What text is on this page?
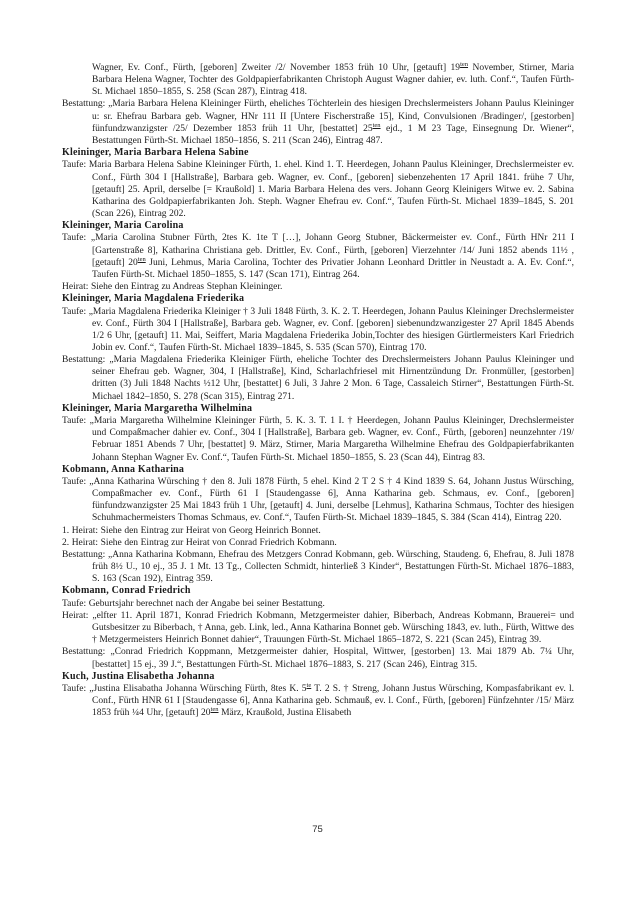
Wagner, Ev. Conf., Fürth, [geboren] Zweiter /2/ November 1853 früh 10 Uhr, [getauft] $19^{ten}$ November, Stirner, Maria Barbara Helena Wagner, Tochter des Goldpapierfabrikanten Christoph August Wagner dahier, ev. luth. Conf.“, Taufen Fürth-St. Michael 1850–1855, S. 258 (Scan 287), Eintrag 418.

Bestattung: „Maria Barbara Helena Kleininger Fürth, eheliches Töchterlein des hiesigen Drechslermeisters Johann Paulus Kleininger u: sr. Ehefrau Barbara geb. Wagner, HNr 111 II [Untere Fischerstraße 15], Kind, Convulsionen /Bradinger/, [gestorben] fünfundzwanzigster /25/ Dezember 1853 früh 11 Uhr, [bestattet] $25^{ten}$ ejd., 1 M 23 Tage, Einsegnung Dr. Wiener“, Bestattungen Fürth-St. Michael 1850–1856, S. 211 (Scan 246), Eintrag 487.

Kleininger, Maria Barbara Helena Sabine

Taufe: Maria Barbara Helena Sabine Kleininger Fürth, 1. ehel. Kind 1. T. Heerdegen, Johann Paulus Kleininger, Drechslermeister ev. Conf., Fürth 304 I [Hallstraße], Barbara geb. Wagner, ev. Conf., [geboren] siebenzehenten 17 April 1841. frühe 7 Uhr, [getauft] 25. April, derselbe [= Kraußold] 1. Maria Barbara Helena des vers. Johann Georg Kleinigers Witwe ev. 2. Sabina Katharina des Goldpapierfabrikanten Joh. Steph. Wagner Ehefrau ev. Conf.“, Taufen Fürth-St. Michael 1839–1845, S. 201 (Scan 226), Eintrag 202.

Kleininger, Maria Carolina

Taufe: „Maria Carolina Stubner Fürth, 2tes K. 1te T […], Johann Georg Stubner, Bäckermeister ev. Conf., Fürth HNr 211 I [Gartenstraße 8], Katharina Christiana geb. Drittler, Ev. Conf., Fürth, [geboren] Vierzehnter /14/ Juni 1852 abends 11½ , [getauft] $20^{ten}$ Juni, Lehmus, Maria Carolina, Tochter des Privatier Johann Leonhard Drittler in Neustadt a. A. Ev. Conf.“, Taufen Fürth-St. Michael 1850–1855, S. 147 (Scan 171), Eintrag 264.

Heirat: Siehe den Eintrag zu Andreas Stephan Kleininger.

Kleininger, Maria Magdalena Friederika

Taufe: „Maria Magdalena Friederika Kleiniger † 3 Juli 1848 Fürth, 3. K. 2. T. Heerdegen, Johann Paulus Kleininger Drechslermeister ev. Conf., Fürth 304 I [Hallstraße], Barbara geb. Wagner, ev. Conf. [geboren] siebenundzwanzigester 27 April 1845 Abends 1/2 6 Uhr, [getauft] 11. Mai, Seiffert, Maria Magdalena Friederika Jobin,Tochter des hiesigen Gürtlermeisters Karl Friedrich Jobin ev. Conf.“, Taufen Fürth-St. Michael 1839–1845, S. 535 (Scan 570), Eintrag 170.

Bestattung: „Maria Magdalena Friederika Kleiniger Fürth, eheliche Tochter des Drechslermeisters Johann Paulus Kleininger und seiner Ehefrau geb. Wagner, 304, I [Hallstraße], Kind, Scharlachfriesel mit Hirnentzündung Dr. Fronmüller, [gestorben] dritten (3) Juli 1848 Nachts ½12 Uhr, [bestattet] 6 Juli, 3 Jahre 2 Mon. 6 Tage, Cassaleich Stirner“, Bestattungen Fürth-St. Michael 1842–1850, S. 278 (Scan 315), Eintrag 271.

Kleininger, Maria Margaretha Wilhelmina

Taufe: „Maria Margaretha Wilhelmine Kleininger Fürth, 5. K. 3. T. 1 I. † Heerdegen, Johann Paulus Kleininger, Drechslermeister und Compaßmacher dahier ev. Conf., 304 I [Hallstraße], Barbara geb. Wagner, ev. Conf., Fürth, [geboren] neunzehnter /19/ Februar 1851 Abends 7 Uhr, [bestattet] 9. März, Stirner, Maria Margaretha Wilhelmine Ehefrau des Goldpapierfabrikanten Johann Stephan Wagner Ev. Conf.“, Taufen Fürth-St. Michael 1850–1855, S. 23 (Scan 44), Eintrag 83.

Kobmann, Anna Katharina

Taufe: „Anna Katharina Würsching † den 8. Juli 1878 Fürth, 5 ehel. Kind 2 T 2 S † 4 Kind 1839 S. 64, Johann Justus Würsching, Compaßmacher ev. Conf., Fürth 61 I [Staudengasse 6], Anna Katharina geb. Schmaus, ev. Conf., [geboren] fünfundzwanzigster 25 Mai 1843 früh 1 Uhr, [getauft] 4. Juni, derselbe [Lehmus], Katharina Schmaus, Tochter des hiesigen Schuhmachermeisters Thomas Schmaus, ev. Conf.“, Taufen Fürth-St. Michael 1839–1845, S. 384 (Scan 414), Eintrag 220.

1. Heirat: Siehe den Eintrag zur Heirat von Georg Heinrich Bonnet.

2. Heirat: Siehe den Eintrag zur Heirat von Conrad Friedrich Kobmann.

Bestattung: „Anna Katharina Kobmann, Ehefrau des Metzgers Conrad Kobmann, geb. Würsching, Staudeng. 6, Ehefrau, 8. Juli 1878 früh 8½ U., 10 ej., 35 J. 1 Mt. 13 Tg., Collecten Schmidt, hinterließ 3 Kinder“, Bestattungen Fürth-St. Michael 1876–1883, S. 163 (Scan 192), Eintrag 359.

Kobmann, Conrad Friedrich

Taufe: Geburtsjahr berechnet nach der Angabe bei seiner Bestattung.

Heirat: „elfter 11. April 1871, Konrad Friedrich Kobmann, Metzgermeister dahier, Biberbach, Andreas Kobmann, Brauerei= und Gutsbesitzer zu Biberbach, † Anna, geb. Link, led., Anna Katharina Bonnet geb. Würsching 1843, ev. luth., Fürth, Wittwe des † Metzgermeisters Heinrich Bonnet dahier“, Trauungen Fürth-St. Michael 1865–1872, S. 221 (Scan 245), Eintrag 39.

Bestattung: „Conrad Friedrich Koppmann, Metzgermeister dahier, Hospital, Wittwer, [gestorben] 13. Mai 1879 Ab. 7¼ Uhr, [bestattet] 15 ej., 39 J.“, Bestattungen Fürth-St. Michael 1876–1883, S. 217 (Scan 246), Eintrag 315.

Kuch, Justina Elisabetha Johanna

Taufe: „Justina Elisabatha Johanna Würsching Fürth, 8tes K. $5^{te}$ T. 2 S. † Streng, Johann Justus Würsching, Kompasfabrikant ev. l. Conf., Fürth HNR 61 I [Staudengasse 6], Anna Katharina geb. Schmauß, ev. l. Conf., Fürth, [geboren] Fünfzehnter /15/ März 1853 früh ¼4 Uhr, [getauft] $20^{ten}$ März, Kraußold, Justina Elisabeth

75
